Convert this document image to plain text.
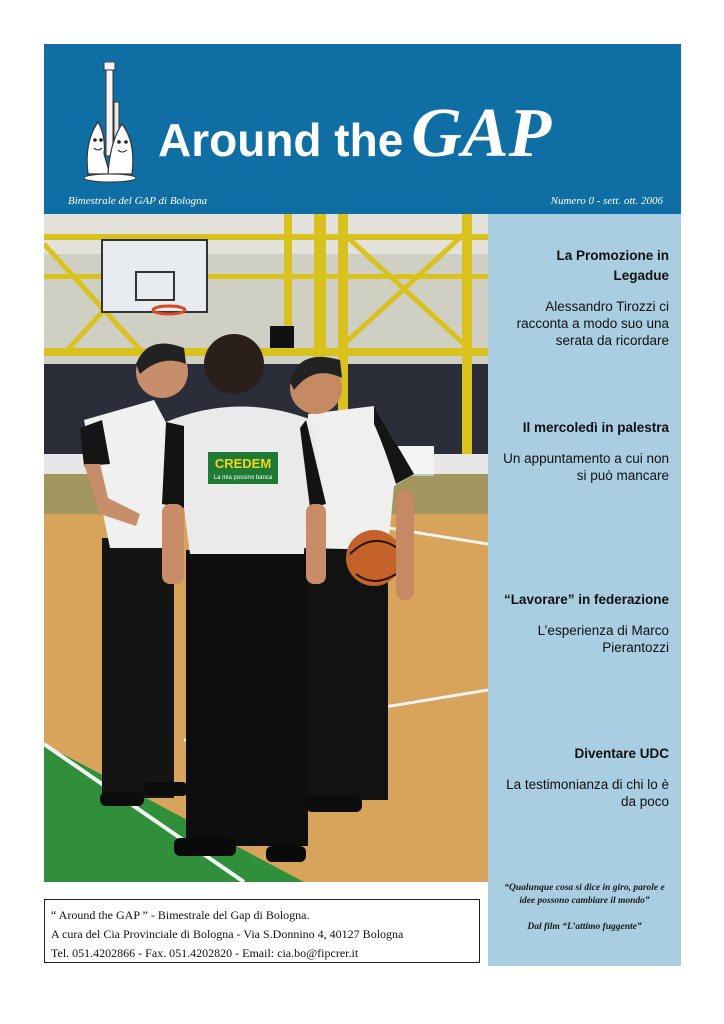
Around the GAP
Bimestrale del GAP di Bologna	Numero 0 - sett. ott. 2006
CREDEM
La mia possino banca
La Promozione in Legadue

Alessandro Tirozzi ci racconta a modo suo una serata da ricordare

Il mercoledì in palestra

Un appuntamento a cui non si può mancare

“Lavorare” in federazione

L’esperienza di Marco Pierantozzi

Diventare UDC

La testimonianza di chi lo è da poco

“Qualunque cosa si dice in giro, parole e idee possono cambiare il mondo”
Dal film “L’attimo fuggente”
“ Around the GAP ” - Bimestrale del Gap di Bologna.
A cura del Cia Provinciale di Bologna - Via S.Donnino 4, 40127 Bologna
Tel. 051.4202866 - Fax. 051.4202820 - Email: cia.bo@fipcrer.it
